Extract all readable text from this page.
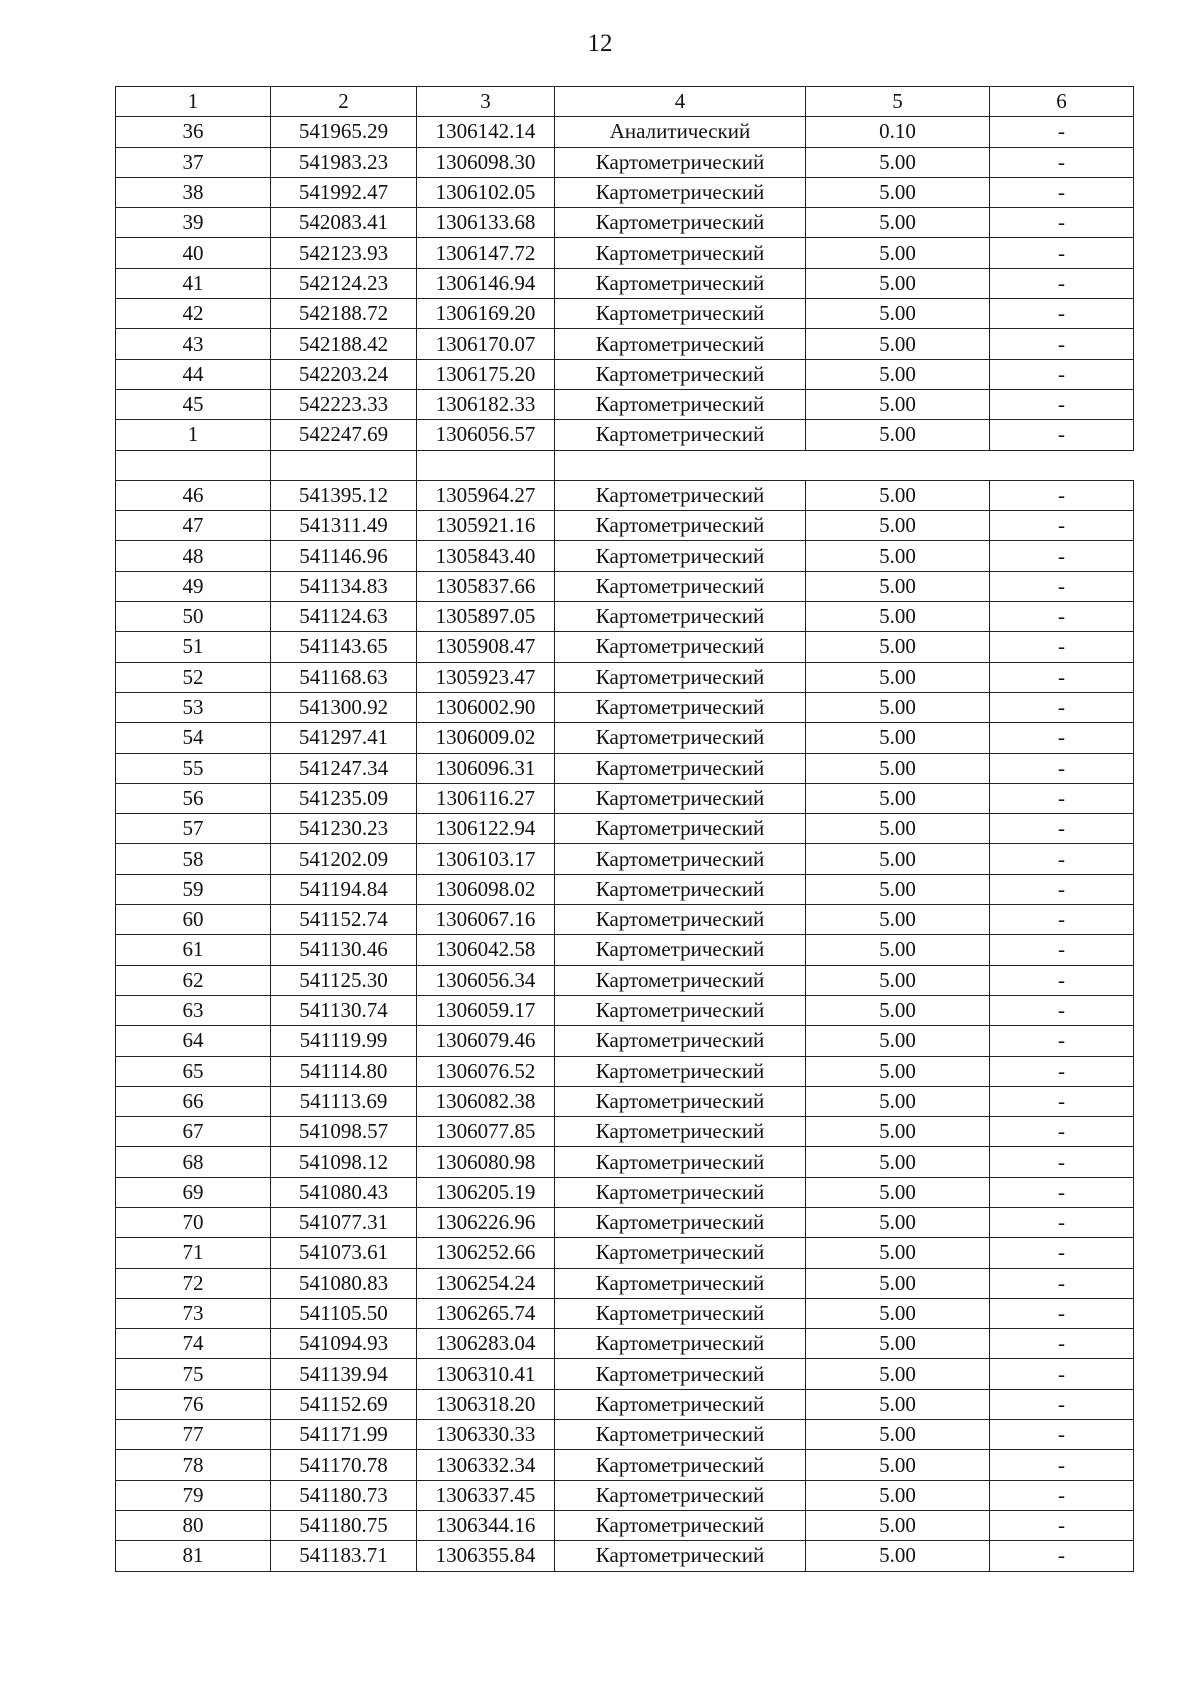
12
1	2	3	4	5	6
36	541965.29	1306142.14	Аналитический	0.10	-
37	541983.23	1306098.30	Картометрический	5.00	-
38	541992.47	1306102.05	Картометрический	5.00	-
39	542083.41	1306133.68	Картометрический	5.00	-
40	542123.93	1306147.72	Картометрический	5.00	-
41	542124.23	1306146.94	Картометрический	5.00	-
42	542188.72	1306169.20	Картометрический	5.00	-
43	542188.42	1306170.07	Картометрический	5.00	-
44	542203.24	1306175.20	Картометрический	5.00	-
45	542223.33	1306182.33	Картометрический	5.00	-
1	542247.69	1306056.57	Картометрический	5.00	-

46	541395.12	1305964.27	Картометрический	5.00	-
47	541311.49	1305921.16	Картометрический	5.00	-
48	541146.96	1305843.40	Картометрический	5.00	-
49	541134.83	1305837.66	Картометрический	5.00	-
50	541124.63	1305897.05	Картометрический	5.00	-
51	541143.65	1305908.47	Картометрический	5.00	-
52	541168.63	1305923.47	Картометрический	5.00	-
53	541300.92	1306002.90	Картометрический	5.00	-
54	541297.41	1306009.02	Картометрический	5.00	-
55	541247.34	1306096.31	Картометрический	5.00	-
56	541235.09	1306116.27	Картометрический	5.00	-
57	541230.23	1306122.94	Картометрический	5.00	-
58	541202.09	1306103.17	Картометрический	5.00	-
59	541194.84	1306098.02	Картометрический	5.00	-
60	541152.74	1306067.16	Картометрический	5.00	-
61	541130.46	1306042.58	Картометрический	5.00	-
62	541125.30	1306056.34	Картометрический	5.00	-
63	541130.74	1306059.17	Картометрический	5.00	-
64	541119.99	1306079.46	Картометрический	5.00	-
65	541114.80	1306076.52	Картометрический	5.00	-
66	541113.69	1306082.38	Картометрический	5.00	-
67	541098.57	1306077.85	Картометрический	5.00	-
68	541098.12	1306080.98	Картометрический	5.00	-
69	541080.43	1306205.19	Картометрический	5.00	-
70	541077.31	1306226.96	Картометрический	5.00	-
71	541073.61	1306252.66	Картометрический	5.00	-
72	541080.83	1306254.24	Картометрический	5.00	-
73	541105.50	1306265.74	Картометрический	5.00	-
74	541094.93	1306283.04	Картометрический	5.00	-
75	541139.94	1306310.41	Картометрический	5.00	-
76	541152.69	1306318.20	Картометрический	5.00	-
77	541171.99	1306330.33	Картометрический	5.00	-
78	541170.78	1306332.34	Картометрический	5.00	-
79	541180.73	1306337.45	Картометрический	5.00	-
80	541180.75	1306344.16	Картометрический	5.00	-
81	541183.71	1306355.84	Картометрический	5.00	-
